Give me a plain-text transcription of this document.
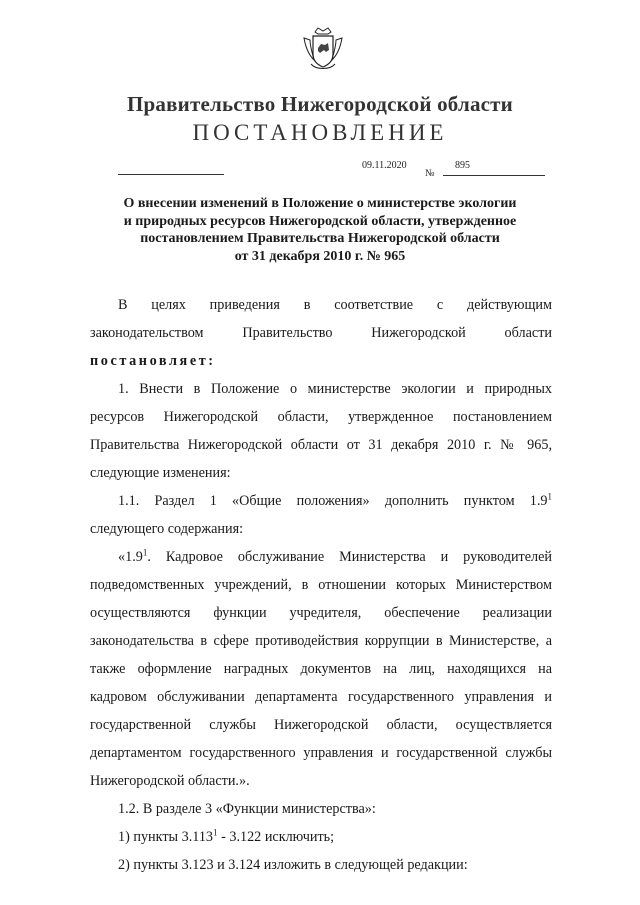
Правительство Нижегородской области
ПОСТАНОВЛЕНИЕ
09.11.2020
№
895
О внесении изменений в Положение о министерстве экологии
и природных ресурсов Нижегородской области, утвержденное
постановлением Правительства Нижегородской области
от 31 декабря 2010 г. № 965
В целях приведения в соответствие с действующим
законодательством Правительство Нижегородской области
постановляет:
1. Внести в Положение о министерстве экологии и природных
ресурсов Нижегородской области, утвержденное постановлением
Правительства Нижегородской области от 31 декабря 2010 г. № 965,
следующие изменения:
1.1. Раздел 1 «Общие положения» дополнить пунктом $1.9^1$
следующего содержания:
«$1.9^1$. Кадровое обслуживание Министерства и руководителей
подведомственных учреждений, в отношении которых Министерством
осуществляются функции учредителя, обеспечение реализации
законодательства в сфере противодействия коррупции в Министерстве, а
также оформление наградных документов на лиц, находящихся на
кадровом обслуживании департамента государственного управления и
государственной службы Нижегородской области, осуществляется
департаментом государственного управления и государственной службы
Нижегородской области.».
1.2. В разделе 3 «Функции министерства»:
1) пункты 3.113$^1$ - 3.122 исключить;
2) пункты 3.123 и 3.124 изложить в следующей редакции:
